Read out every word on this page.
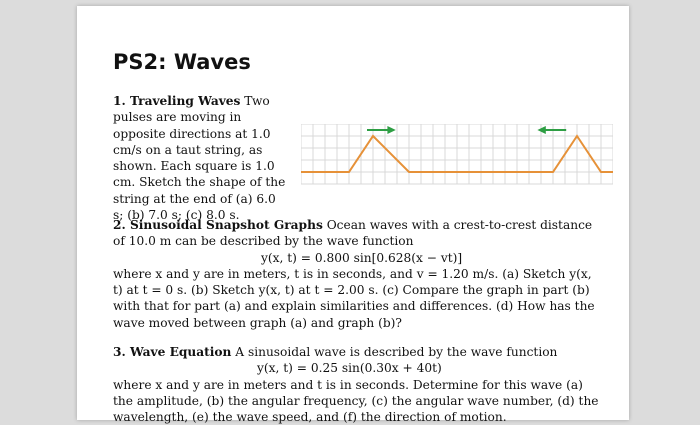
PS2: Waves
1. Traveling Waves Two pulses are moving in opposite directions at 1.0 cm/s on a taut string, as shown. Each square is 1.0 cm. Sketch the shape of the string at the end of (a) 6.0 s; (b) 7.0 s; (c) 8.0 s.
2. Sinusoidal Snapshot Graphs Ocean waves with a crest-to-crest distance of 10.0 m can be described by the wave function
y(x, t) = 0.800 sin[0.628(x − vt)]
where x and y are in meters, t is in seconds, and v = 1.20 m/s. (a) Sketch y(x, t) at t = 0 s. (b) Sketch y(x, t) at t = 2.00 s. (c) Compare the graph in part (b) with that for part (a) and explain similarities and differences. (d) How has the wave moved between graph (a) and graph (b)?
3. Wave Equation A sinusoidal wave is described by the wave function
y(x, t) = 0.25 sin(0.30x + 40t)
where x and y are in meters and t is in seconds. Determine for this wave (a) the amplitude, (b) the angular frequency, (c) the angular wave number, (d) the wavelength, (e) the wave speed, and (f) the direction of motion.
